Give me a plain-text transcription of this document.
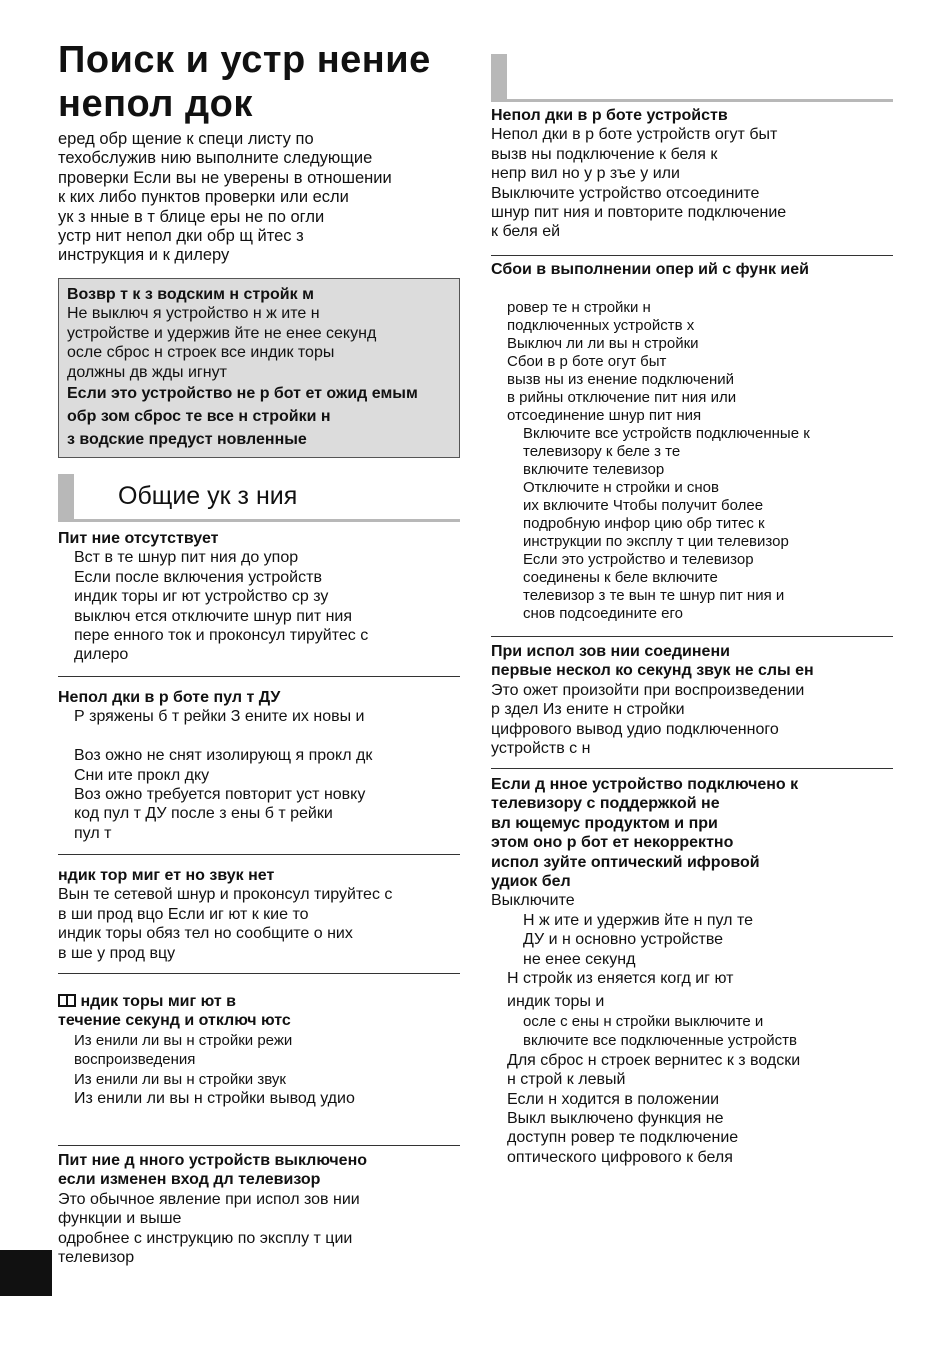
Поиск и устр нение
непол док
еред обр щение к специ листу по
техобслужив нию выполните следующие
проверки Если вы не уверены в отношении
к ких либо пунктов проверки или если
ук з нные в т блице еры не по огли
устр нит непол дки обр щ йтес з
инструкция и к дилеру
Возвр т к з водским н стройк м
Не выключ я устройство н ж ите н
устройстве и удержив йте не енее секунд
осле сброс н строек все индик торы
должны дв жды игнут
Если это устройство не р бот ет ожид емым
обр зом сброс те все н стройки н
з водские предуст новленные
Общие ук з ния
Пит ние отсутствует
Вст в те шнур пит ния до упор
Если после включения устройств
индик торы иг ют устройство ср зу
выключ ется отключите шнур пит ния
пере енного ток и проконсул тируйтес с
дилеро
Непол дки в р боте пул т ДУ
Р зряжены б т рейки З ените их новы и
Воз ожно не снят изолирующ я прокл дк
Сни ите прокл дку
Воз ожно требуется повторит уст новку
код пул т ДУ после з ены б т рейки
пул т
ндик тор миг ет но звук нет
Вын те сетевой шнур и проконсул тируйтес с
в ши прод вцо Если иг ют к кие то
индик торы обяз тел но сообщите о них
в ше у прод вцу
ндик торы миг ют в
течение секунд и отключ ютс
Из енили ли вы н стройки режи
воспроизведения
Из енили ли вы н стройки звук
Из енили ли вы н стройки вывод удио
Пит ние д нного устройств выключено
если изменен вход дл телевизор
Это обычное явление при испол зов нии
функции и выше
одробнее с инструкцию по эксплу т ции
телевизор
Непол дки в р боте устройств
Непол дки в р боте устройств огут быт
вызв ны подключение к беля к
непр вил но у р зъе у или
Выключите устройство отсоедините
шнур пит ния и повторите подключение
к беля ей
Сбои в выполнении опер ий с функ ией
ровер те н стройки н
подключенных устройств х
Выключ ли ли вы н стройки
Сбои в р боте огут быт
вызв ны из енение подключений
в рийны отключение пит ния или
отсоединение шнур пит ния
Включите все устройств подключенные к
телевизору к беле з те
включите телевизор
Отключите н стройки и снов
их включите Чтобы получит более
подробную инфор цию обр титес к
инструкции по эксплу т ции телевизор
Если это устройство и телевизор
соединены к беле включите
телевизор з те вын те шнур пит ния и
снов подсоедините его
При испол зов нии соединени
первые нескол ко секунд звук не слы ен
Это ожет произойти при воспроизведении
р здел Из ените н стройки
цифрового вывод удио подключенного
устройств с н
Если д нное устройство подключено к
телевизору с поддержкой не
вл ющемус продуктом и при
этом оно р бот ет некорректно
испол зуйте оптический ифровой
удиок бел
Выключите
Н ж ите и удержив йте н пул те
ДУ и н основно устройстве
не енее секунд
Н стройк из еняется когд иг ют
индик торы и
осле с ены н стройки выключите и
включите все подключенные устройств
Для сброс н строек вернитес к з водски
н строй к левый
Если н ходится в положении
Выкл выключено функция не
доступн ровер те подключение
оптического цифрового к беля
